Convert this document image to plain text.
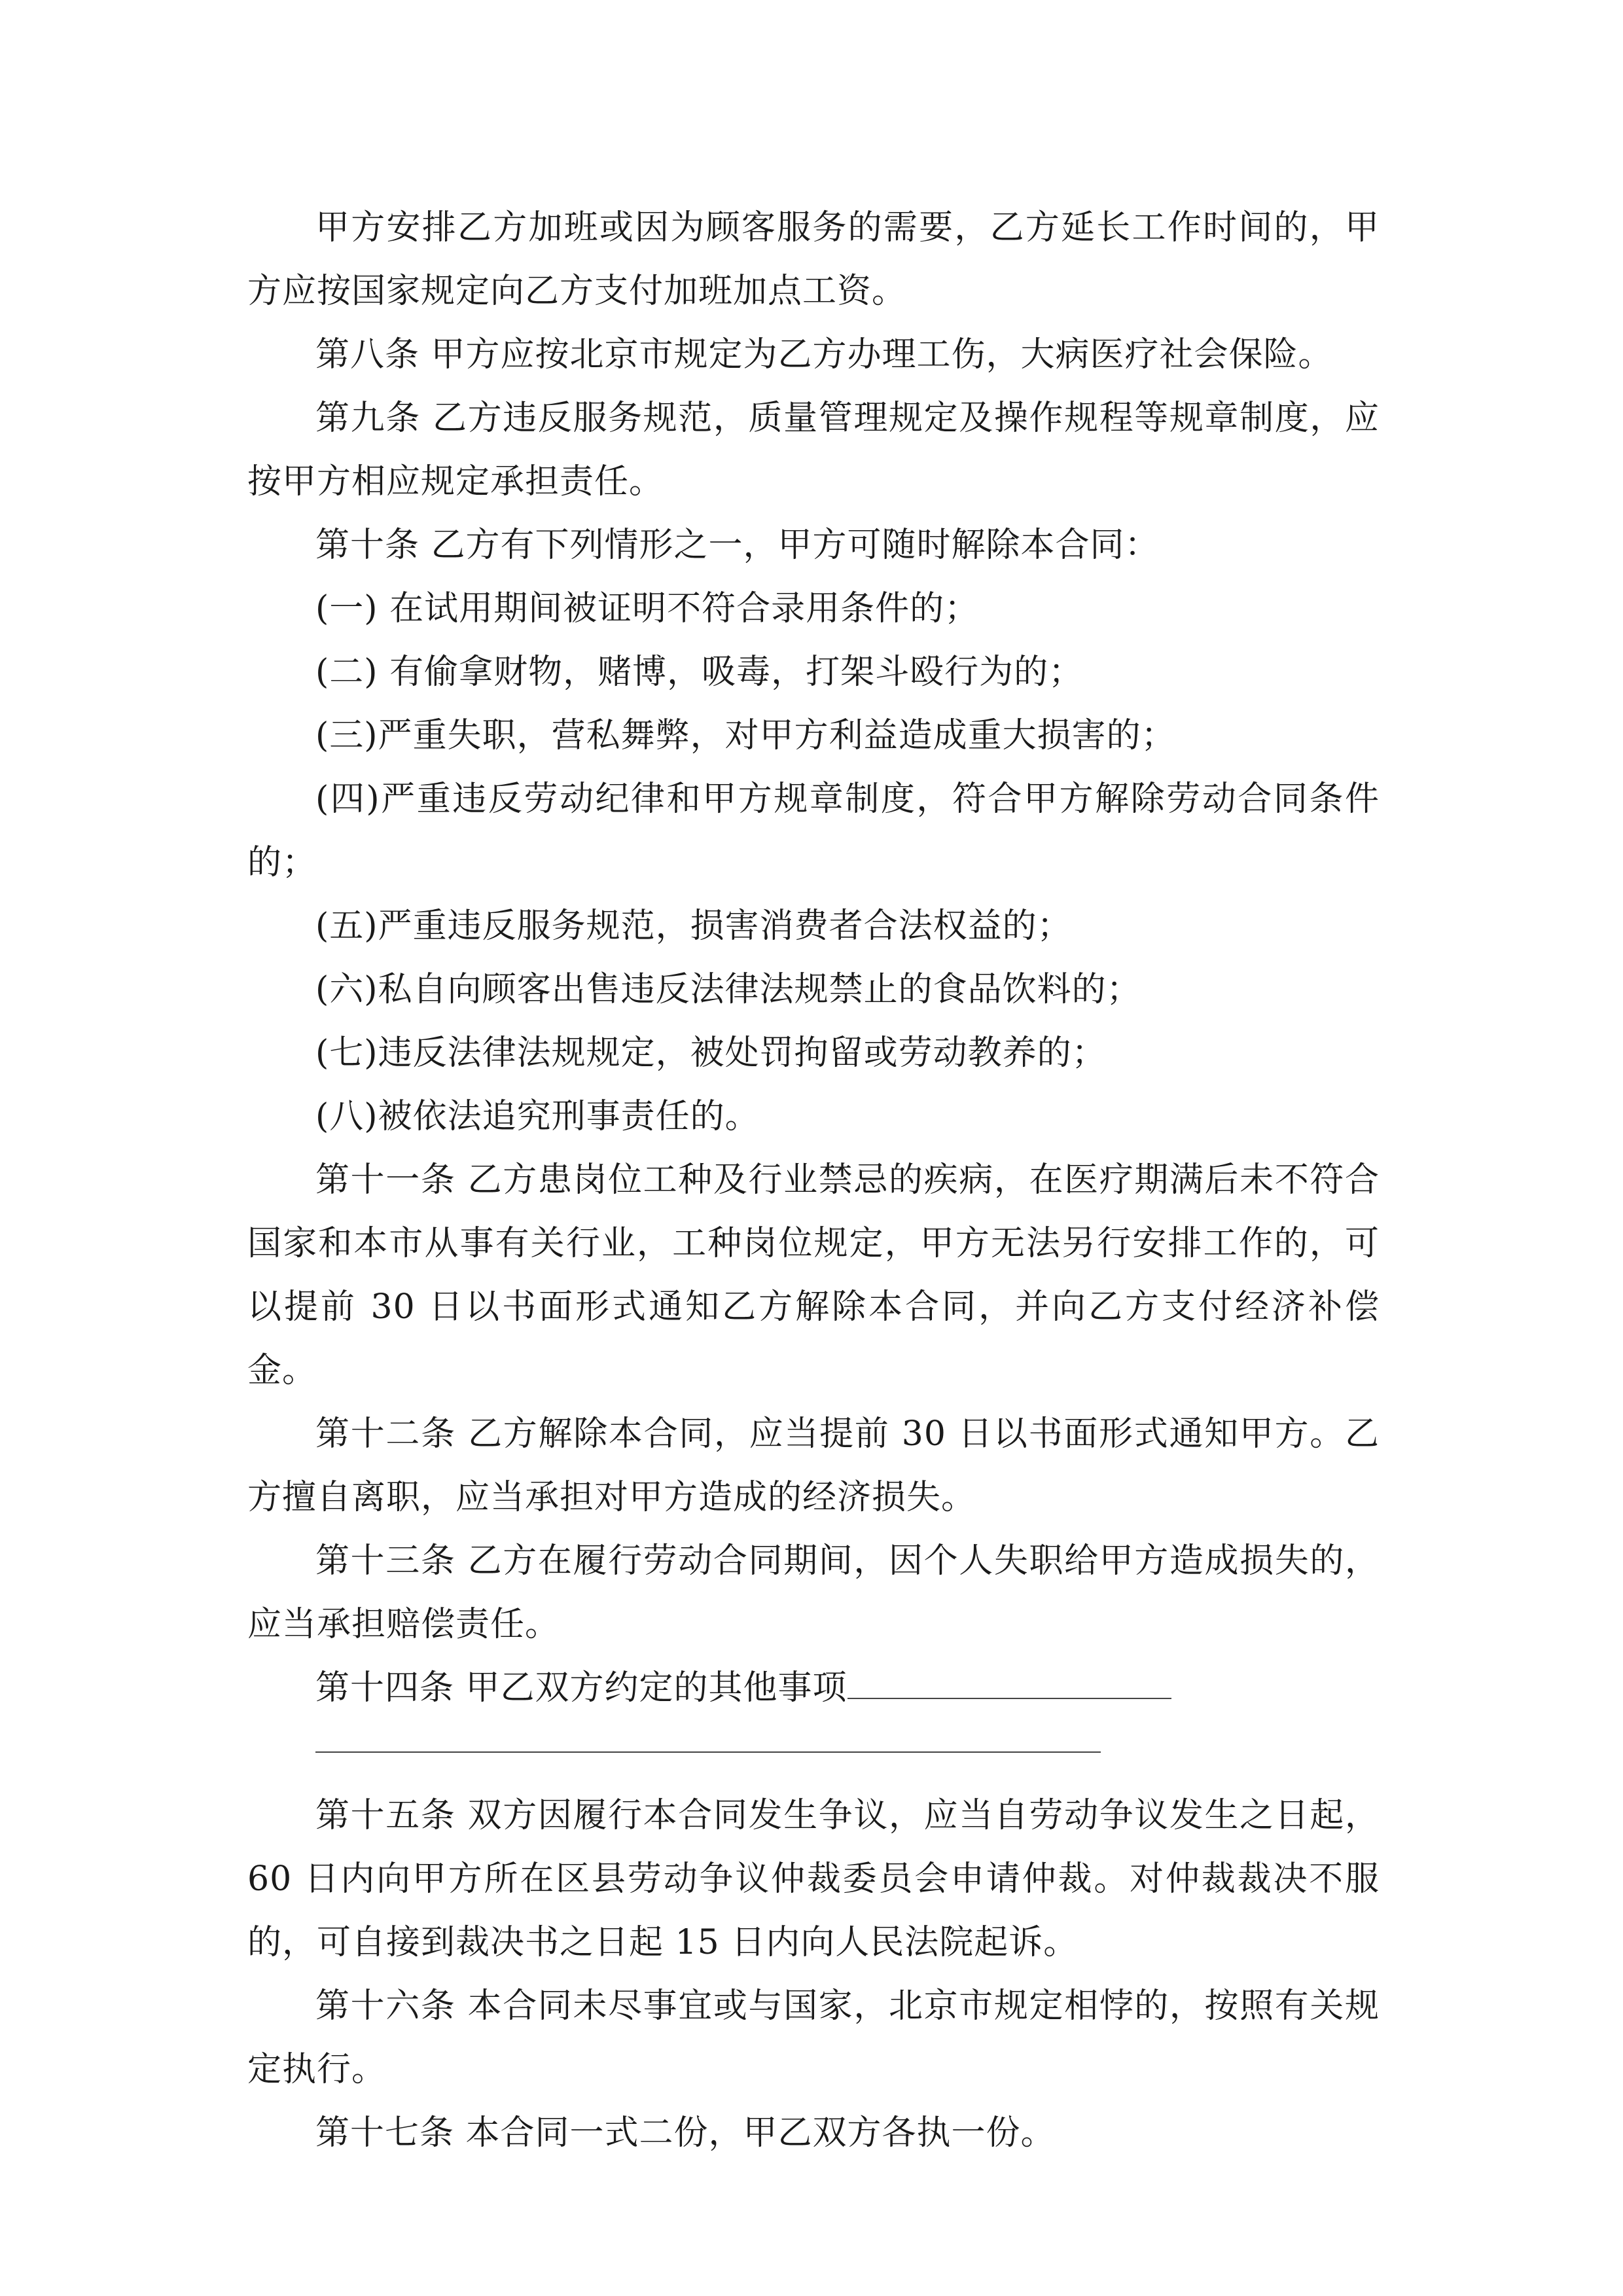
甲方安排乙方加班或因为顾客服务的需要，乙方延长工作时间的，甲方应按国家规定向乙方支付加班加点工资。

第八条 甲方应按北京市规定为乙方办理工伤，大病医疗社会保险。

第九条 乙方违反服务规范，质量管理规定及操作规程等规章制度，应按甲方相应规定承担责任。

第十条 乙方有下列情形之一，甲方可随时解除本合同：

(一) 在试用期间被证明不符合录用条件的；

(二) 有偷拿财物，赌博，吸毒，打架斗殴行为的；

(三)严重失职，营私舞弊，对甲方利益造成重大损害的；

(四)严重违反劳动纪律和甲方规章制度，符合甲方解除劳动合同条件的；

(五)严重违反服务规范，损害消费者合法权益的；

(六)私自向顾客出售违反法律法规禁止的食品饮料的；

(七)违反法律法规规定，被处罚拘留或劳动教养的；

(八)被依法追究刑事责任的。

第十一条 乙方患岗位工种及行业禁忌的疾病，在医疗期满后未不符合国家和本市从事有关行业，工种岗位规定，甲方无法另行安排工作的，可以提前 30 日以书面形式通知乙方解除本合同，并向乙方支付经济补偿金。

第十二条 乙方解除本合同，应当提前 30 日以书面形式通知甲方。乙方擅自离职，应当承担对甲方造成的经济损失。

第十三条 乙方在履行劳动合同期间，因个人失职给甲方造成损失的，应当承担赔偿责任。

第十四条 甲乙双方约定的其他事项

第十五条 双方因履行本合同发生争议，应当自劳动争议发生之日起，60 日内向甲方所在区县劳动争议仲裁委员会申请仲裁。对仲裁裁决不服的，可自接到裁决书之日起 15 日内向人民法院起诉。

第十六条 本合同未尽事宜或与国家，北京市规定相悖的，按照有关规定执行。

第十七条 本合同一式二份，甲乙双方各执一份。
